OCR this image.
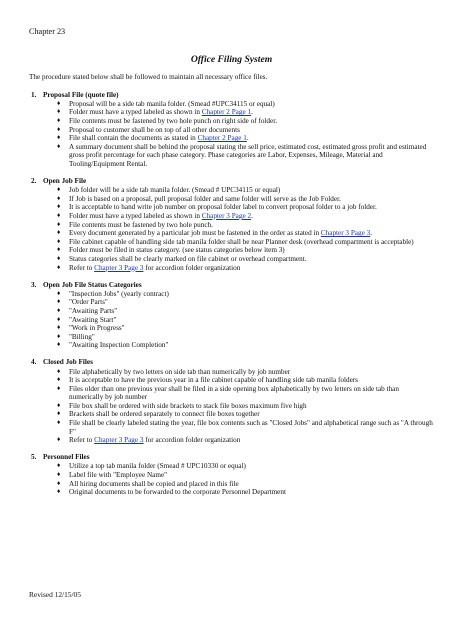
Chapter 23
Office Filing System
The procedure stated below shall be followed to maintain all necessary office files.
1. Proposal File (quote file)
♦ Proposal will be a side tab manila folder. (Smead #UPC34115 or equal)
♦ Folder must have a typed labeled as shown in Chapter 2 Page 1.
♦ File contents must be fastened by two hole punch on right side of folder.
♦ Proposal to customer shall be on top of all other documents
♦ File shall contain the documents as stated in Chapter 2 Page 1.
♦ A summary document shall be behind the proposal stating the sell price, estimated cost, estimated gross profit and estimated gross profit percentage for each phase category. Phase categories are Labor, Expenses, Mileage, Material and Tooling/Equipment Rental.
2. Open Job File
♦ Job folder will be a side tab manila folder. (Smead # UPC34115 or equal)
♦ If Job is based on a proposal, pull proposal folder and same folder will serve as the Job Folder.
♦ It is acceptable to hand write job number on proposal folder label to convert proposal folder to a job folder.
♦ Folder must have a typed labeled as shown in Chapter 3 Page 2.
♦ File contents must be fastened by two hole punch.
♦ Every document generated by a particular job must be fastened in the order as stated in Chapter 3 Page 3.
♦ File cabinet capable of handling side tab manila folder shall be near Planner desk (overhead compartment is acceptable)
♦ Folder must be filed in status category. (see status categories below item 3)
♦ Status categories shall be clearly marked on file cabinet or overhead compartment.
♦ Refer to Chapter 3 Page 3 for accordion folder organization
3. Open Job File Status Categories
♦ "Inspection Jobs" (yearly contract)
♦ "Order Parts"
♦ "Awaiting Parts"
♦ "Awaiting Start"
♦ "Work in Progress"
♦ "Billing"
♦ "Awaiting Inspection Completion"
4. Closed Job Files
♦ File alphabetically by two letters on side tab than numerically by job number
♦ It is acceptable to have the previous year in a file cabinet capable of handling side tab manila folders
♦ Files older than one previous year shall be filed in a side opening box alphabetically by two letters on side tab than numerically by job number
♦ File box shall be ordered with side brackets to stack file boxes maximum five high
♦ Brackets shall be ordered separately to connect file boxes together
♦ File shall be clearly labeled stating the year, file box contents such as "Closed Jobs" and alphabetical range such as "A through F"
♦ Refer to Chapter 3 Page 3 for accordion folder organization
5. Personnel Files
♦ Utilize a top tab manila folder (Smead # UPC10330 or equal)
♦ Label file with "Employee Name"
♦ All hiring documents shall be copied and placed in this file
♦ Original documents to be forwarded to the corporate Personnel Department
Revised 12/15/05
